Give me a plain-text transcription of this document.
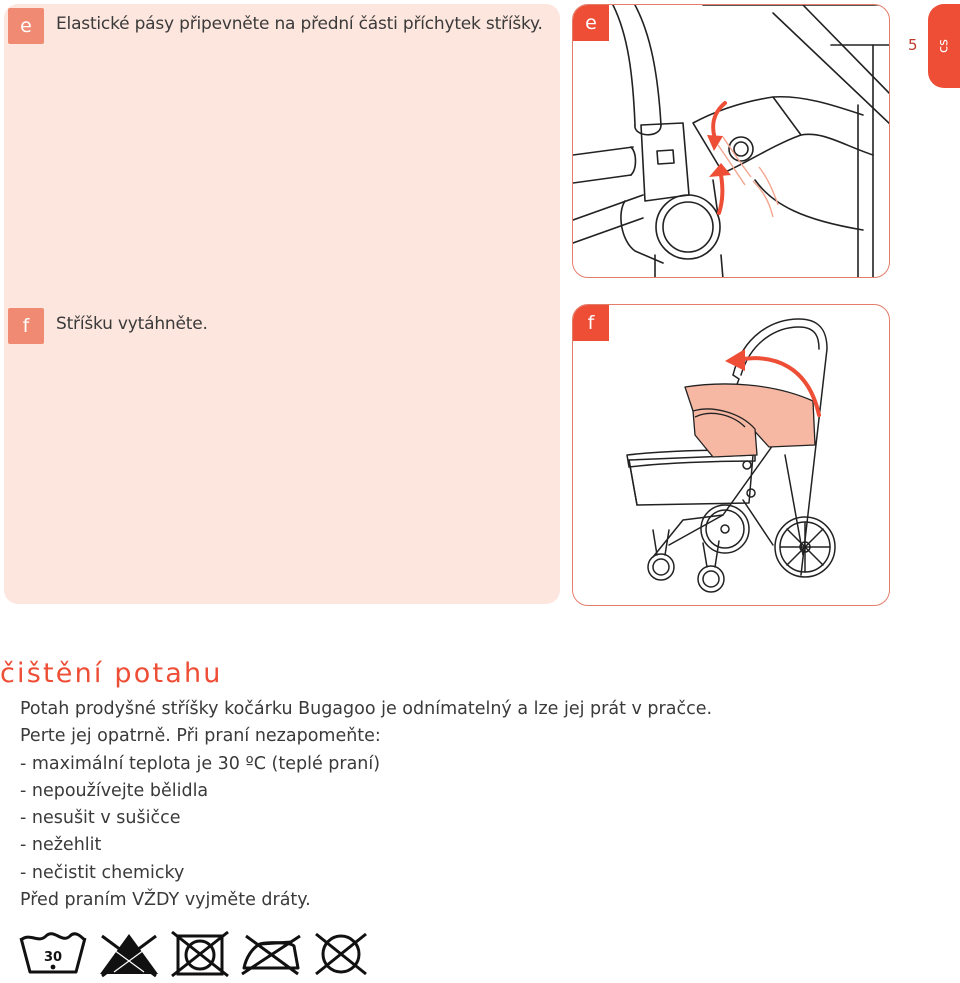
e	Elastické pásy připevněte na přední části příchytek stříšky.
f	Stříšku vytáhněte.
e
f
5 cs
čištění potahu

Potah prodyšné stříšky kočárku Bugagoo je odnímatelný a lze jej prát v pračce.

Perte jej opatrně. Při praní nezapomeňte:

- maximální teplota je 30 ºC (teplé praní)

- nepoužívejte bělidla

- nesušit v sušičce

- nežehlit

- nečistit chemicky

Před praním VŽDY vyjměte dráty.

30
